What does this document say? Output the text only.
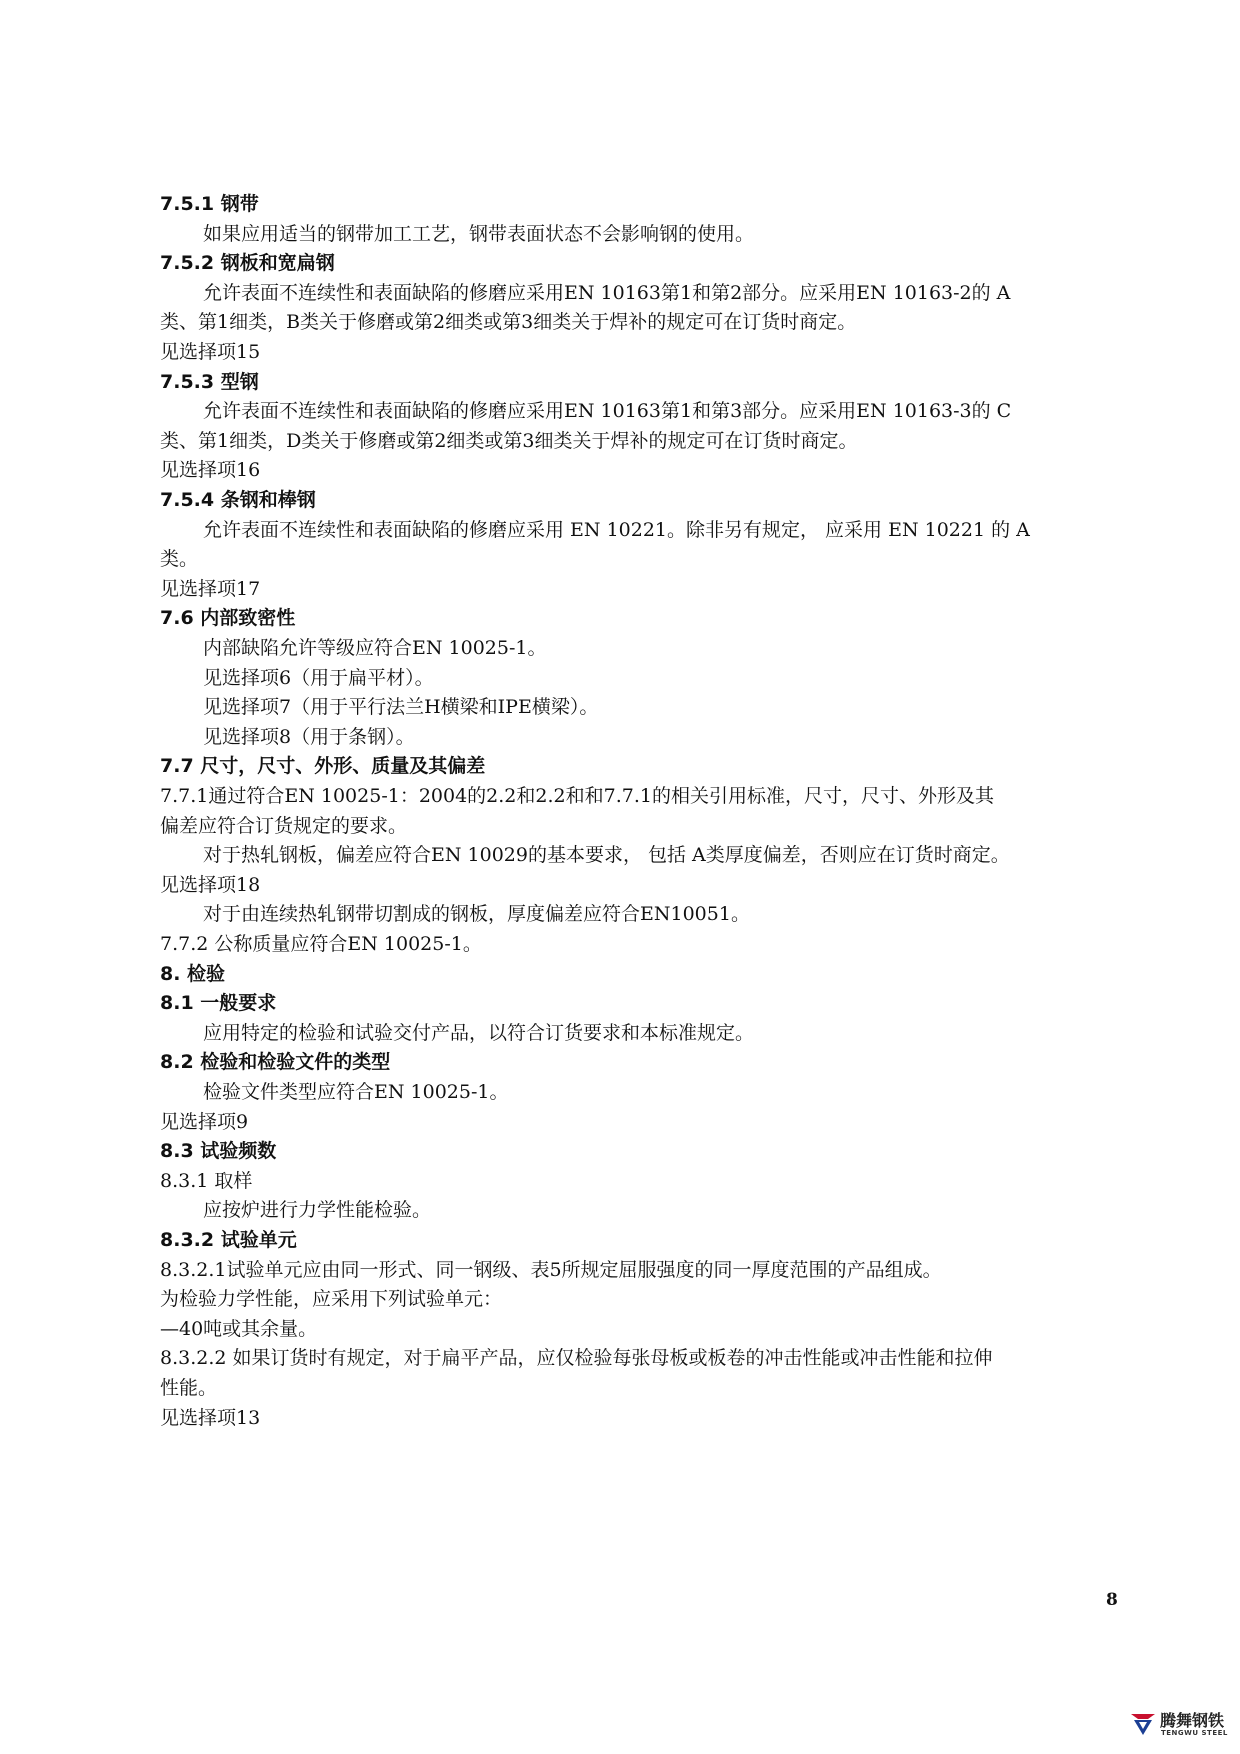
7.5.1 钢带
如果应用适当的钢带加工工艺，钢带表面状态不会影响钢的使用。
7.5.2 钢板和宽扁钢
允许表面不连续性和表面缺陷的修磨应采用EN 10163第1和第2部分。应采用EN 10163-2的 A
类、第1细类，B类关于修磨或第2细类或第3细类关于焊补的规定可在订货时商定。
见选择项15
7.5.3 型钢
允许表面不连续性和表面缺陷的修磨应采用EN 10163第1和第3部分。应采用EN 10163-3的 C
类、第1细类，D类关于修磨或第2细类或第3细类关于焊补的规定可在订货时商定。
见选择项16
7.5.4 条钢和棒钢
允许表面不连续性和表面缺陷的修磨应采用 EN 10221。除非另有规定， 应采用 EN 10221 的 A
类。
见选择项17
7.6 内部致密性
内部缺陷允许等级应符合EN 10025-1。
见选择项6（用于扁平材）。
见选择项7（用于平行法兰H横梁和IPE横梁）。
见选择项8（用于条钢）。
7.7 尺寸，尺寸、外形、质量及其偏差
7.7.1通过符合EN 10025-1：2004的2.2和2.2和和7.7.1的相关引用标准，尺寸，尺寸、外形及其
偏差应符合订货规定的要求。
对于热轧钢板，偏差应符合EN 10029的基本要求， 包括 A类厚度偏差，否则应在订货时商定。
见选择项18
对于由连续热轧钢带切割成的钢板，厚度偏差应符合EN10051。
7.7.2 公称质量应符合EN 10025-1。
8. 检验
8.1 一般要求
应用特定的检验和试验交付产品，以符合订货要求和本标准规定。
8.2 检验和检验文件的类型
检验文件类型应符合EN 10025-1。
见选择项9
8.3 试验频数
8.3.1 取样
应按炉进行力学性能检验。
8.3.2 试验单元
8.3.2.1试验单元应由同一形式、同一钢级、表5所规定屈服强度的同一厚度范围的产品组成。
为检验力学性能，应采用下列试验单元：
—40吨或其余量。
8.3.2.2 如果订货时有规定，对于扁平产品，应仅检验每张母板或板卷的冲击性能或冲击性能和拉伸
性能。
见选择项13
8
腾舞钢铁
TENGWU STEEL
